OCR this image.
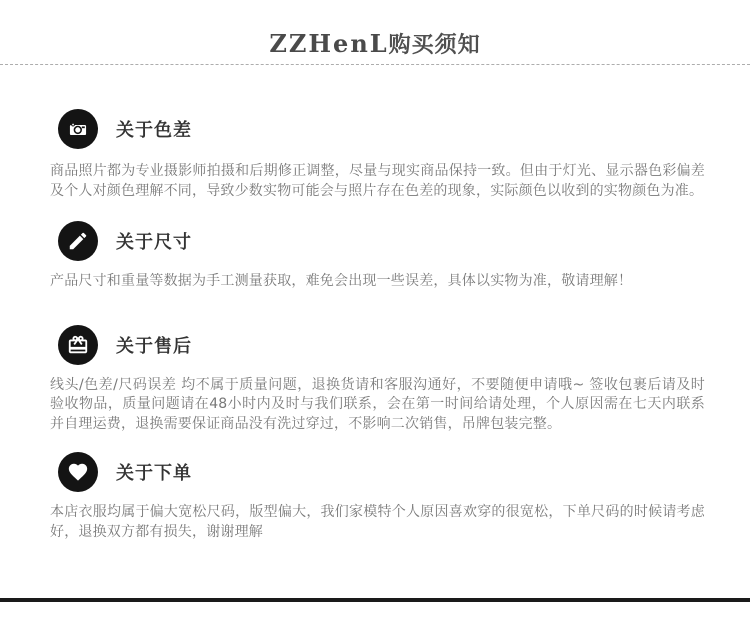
ZZHenL购买须知
关于色差

商品照片都为专业摄影师拍摄和后期修正调整，尽量与现实商品保持一致。但由于灯光、显示器色彩偏差及个人对颜色理解不同，导致少数实物可能会与照片存在色差的现象，实际颜色以收到的实物颜色为准。

关于尺寸

产品尺寸和重量等数据为手工测量获取，难免会出现一些误差，具体以实物为准，敬请理解！

关于售后

线头/色差/尺码误差 均不属于质量问题，退换货请和客服沟通好，不要随便申请哦~ 签收包裹后请及时验收物品，质量问题请在48小时内及时与我们联系，会在第一时间给请处理，个人原因需在七天内联系并自理运费，退换需要保证商品没有洗过穿过，不影响二次销售，吊牌包装完整。

关于下单

本店衣服均属于偏大宽松尺码，版型偏大，我们家模特个人原因喜欢穿的很宽松，下单尺码的时候请考虑好，退换双方都有损失，谢谢理解
